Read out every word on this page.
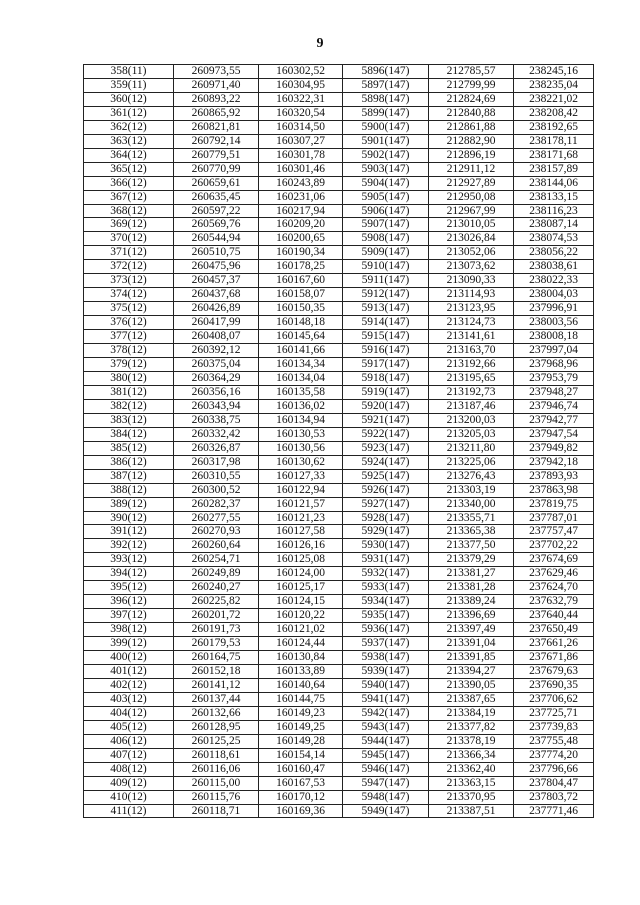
9
358(11)	260973,55	160302,52	5896(147)	212785,57	238245,16
359(11)	260971,40	160304,95	5897(147)	212799,99	238235,04
360(12)	260893,22	160322,31	5898(147)	212824,69	238221,02
361(12)	260865,92	160320,54	5899(147)	212840,88	238208,42
362(12)	260821,81	160314,50	5900(147)	212861,88	238192,65
363(12)	260792,14	160307,27	5901(147)	212882,90	238178,11
364(12)	260779,51	160301,78	5902(147)	212896,19	238171,68
365(12)	260770,99	160301,46	5903(147)	212911,12	238157,89
366(12)	260659,61	160243,89	5904(147)	212927,89	238144,06
367(12)	260635,45	160231,06	5905(147)	212950,08	238133,15
368(12)	260597,22	160217,94	5906(147)	212967,99	238116,23
369(12)	260569,76	160209,20	5907(147)	213010,05	238087,14
370(12)	260544,94	160200,65	5908(147)	213026,84	238074,53
371(12)	260510,75	160190,34	5909(147)	213052,06	238056,22
372(12)	260475,96	160178,25	5910(147)	213073,62	238038,61
373(12)	260457,37	160167,60	5911(147)	213090,33	238022,33
374(12)	260437,68	160158,07	5912(147)	213114,93	238004,03
375(12)	260426,89	160150,35	5913(147)	213123,95	237996,91
376(12)	260417,99	160148,18	5914(147)	213124,73	238003,56
377(12)	260408,07	160145,64	5915(147)	213141,61	238008,18
378(12)	260392,12	160141,66	5916(147)	213163,70	237997,04
379(12)	260375,04	160134,34	5917(147)	213192,66	237968,96
380(12)	260364,29	160134,04	5918(147)	213195,65	237953,79
381(12)	260356,16	160135,58	5919(147)	213192,73	237948,27
382(12)	260343,94	160136,02	5920(147)	213187,46	237946,74
383(12)	260338,75	160134,94	5921(147)	213200,03	237942,77
384(12)	260332,42	160130,53	5922(147)	213205,03	237947,54
385(12)	260326,87	160130,56	5923(147)	213211,80	237949,82
386(12)	260317,98	160130,62	5924(147)	213225,06	237942,18
387(12)	260310,55	160127,33	5925(147)	213276,43	237893,93
388(12)	260300,52	160122,94	5926(147)	213303,19	237863,98
389(12)	260282,37	160121,57	5927(147)	213340,00	237819,75
390(12)	260277,55	160121,23	5928(147)	213355,71	237787,01
391(12)	260270,93	160127,58	5929(147)	213365,38	237757,47
392(12)	260260,64	160126,16	5930(147)	213377,50	237702,22
393(12)	260254,71	160125,08	5931(147)	213379,29	237674,69
394(12)	260249,89	160124,00	5932(147)	213381,27	237629,46
395(12)	260240,27	160125,17	5933(147)	213381,28	237624,70
396(12)	260225,82	160124,15	5934(147)	213389,24	237632,79
397(12)	260201,72	160120,22	5935(147)	213396,69	237640,44
398(12)	260191,73	160121,02	5936(147)	213397,49	237650,49
399(12)	260179,53	160124,44	5937(147)	213391,04	237661,26
400(12)	260164,75	160130,84	5938(147)	213391,85	237671,86
401(12)	260152,18	160133,89	5939(147)	213394,27	237679,63
402(12)	260141,12	160140,64	5940(147)	213390,05	237690,35
403(12)	260137,44	160144,75	5941(147)	213387,65	237706,62
404(12)	260132,66	160149,23	5942(147)	213384,19	237725,71
405(12)	260128,95	160149,25	5943(147)	213377,82	237739,83
406(12)	260125,25	160149,28	5944(147)	213378,19	237755,48
407(12)	260118,61	160154,14	5945(147)	213366,34	237774,20
408(12)	260116,06	160160,47	5946(147)	213362,40	237796,66
409(12)	260115,00	160167,53	5947(147)	213363,15	237804,47
410(12)	260115,76	160170,12	5948(147)	213370,95	237803,72
411(12)	260118,71	160169,36	5949(147)	213387,51	237771,46
